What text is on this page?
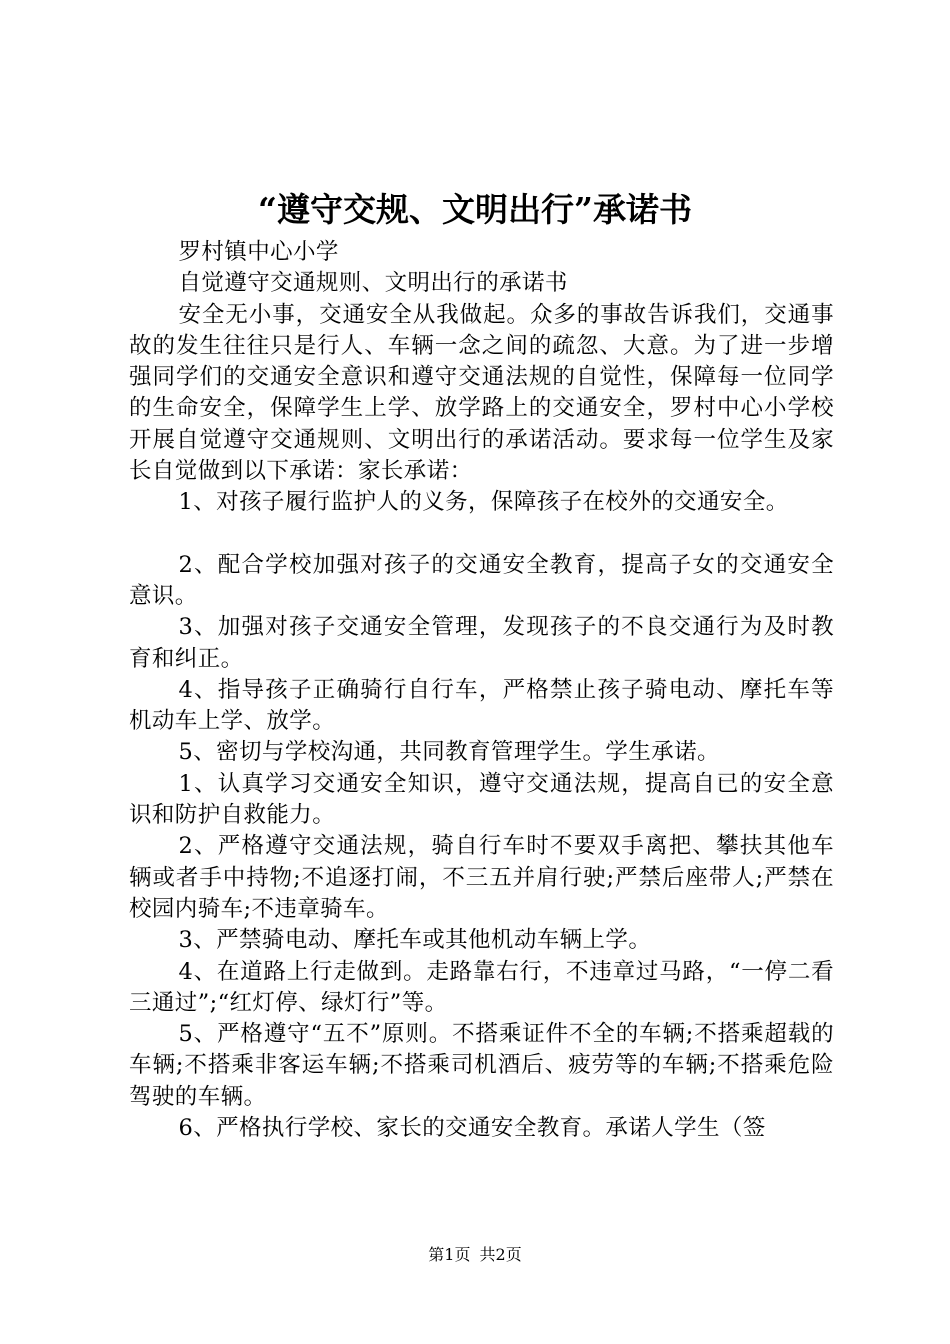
“遵守交规、文明出行”承诺书

罗村镇中心小学

自觉遵守交通规则、文明出行的承诺书

安全无小事，交通安全从我做起。众多的事故告诉我们，交通事故的发生往往只是行人、车辆一念之间的疏忽、大意。为了进一步增强同学们的交通安全意识和遵守交通法规的自觉性，保障每一位同学的生命安全，保障学生上学、放学路上的交通安全，罗村中心小学校开展自觉遵守交通规则、文明出行的承诺活动。要求每一位学生及家长自觉做到以下承诺：家长承诺：

1、对孩子履行监护人的义务，保障孩子在校外的交通安全。

2、配合学校加强对孩子的交通安全教育，提高子女的交通安全意识。

3、加强对孩子交通安全管理，发现孩子的不良交通行为及时教育和纠正。

4、指导孩子正确骑行自行车，严格禁止孩子骑电动、摩托车等机动车上学、放学。

5、密切与学校沟通，共同教育管理学生。学生承诺。

1、认真学习交通安全知识，遵守交通法规，提高自已的安全意识和防护自救能力。

2、严格遵守交通法规，骑自行车时不要双手离把、攀扶其他车辆或者手中持物;不追逐打闹，不三五并肩行驶;严禁后座带人;严禁在校园内骑车;不违章骑车。

3、严禁骑电动、摩托车或其他机动车辆上学。

4、在道路上行走做到。走路靠右行，不违章过马路，“一停二看三通过”;“红灯停、绿灯行”等。

5、严格遵守“五不”原则。不搭乘证件不全的车辆;不搭乘超载的车辆;不搭乘非客运车辆;不搭乘司机酒后、疲劳等的车辆;不搭乘危险驾驶的车辆。

6、严格执行学校、家长的交通安全教育。承诺人学生（签

第1页 共2页
